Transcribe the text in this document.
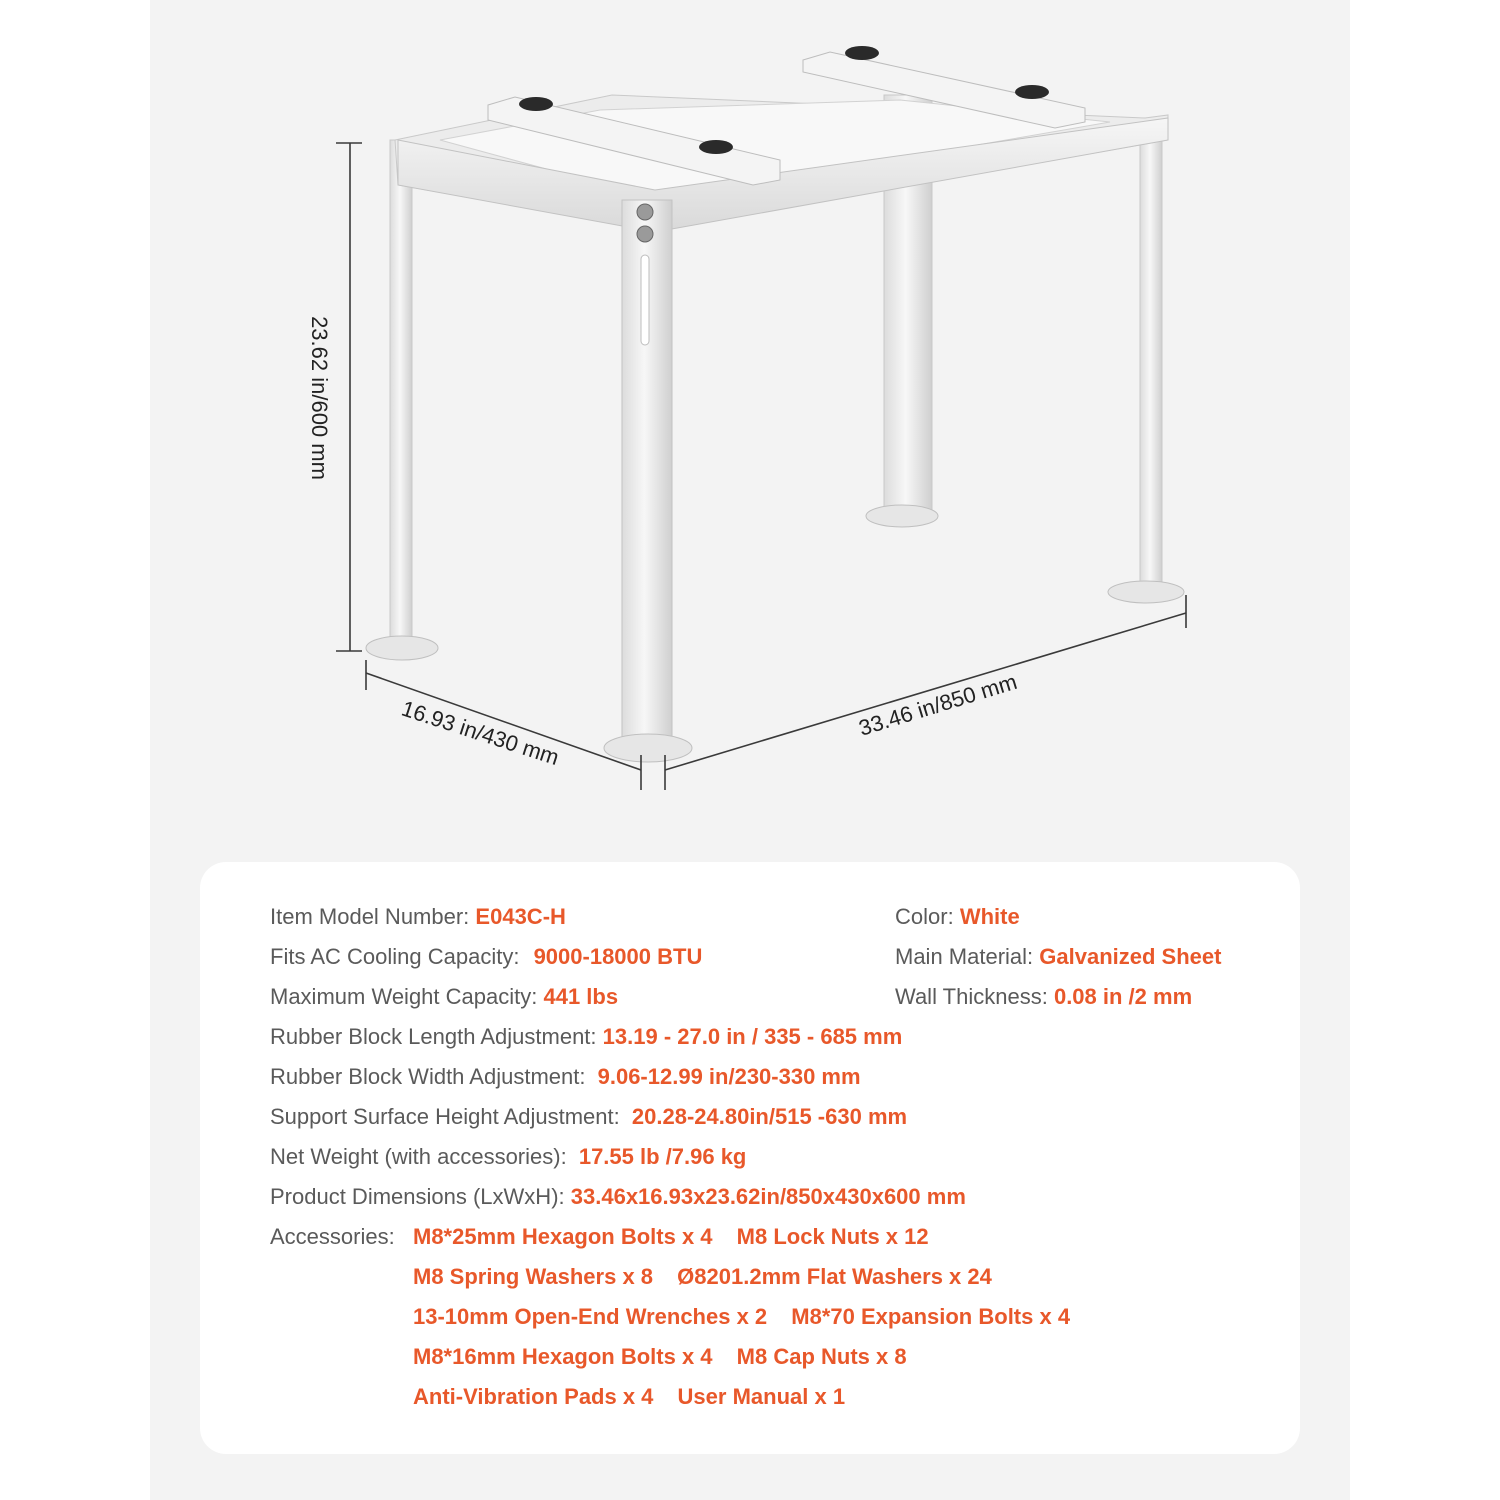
23.62 in/600 mm
16.93 in/430 mm	33.46 in/850 mm
Item Model Number: E043C-H	Color: White
Fits AC Cooling Capacity: 9000-18000 BTU	Main Material: Galvanized Sheet
Maximum Weight Capacity: 441 lbs	Wall Thickness: 0.08 in /2 mm
Rubber Block Length Adjustment: 13.19 - 27.0 in / 335 - 685 mm
Rubber Block Width Adjustment: 9.06-12.99 in/230-330 mm
Support Surface Height Adjustment: 20.28-24.80in/515 -630 mm
Net Weight (with accessories): 17.55 lb /7.96 kg
Product Dimensions (LxWxH): 33.46x16.93x23.62in/850x430x600 mm
Accessories: M8*25mm Hexagon Bolts x 4 M8 Lock Nuts x 12
M8 Spring Washers x 8 Ø8201.2mm Flat Washers x 24
13-10mm Open-End Wrenches x 2 M8*70 Expansion Bolts x 4
M8*16mm Hexagon Bolts x 4 M8 Cap Nuts x 8
Anti-Vibration Pads x 4 User Manual x 1
